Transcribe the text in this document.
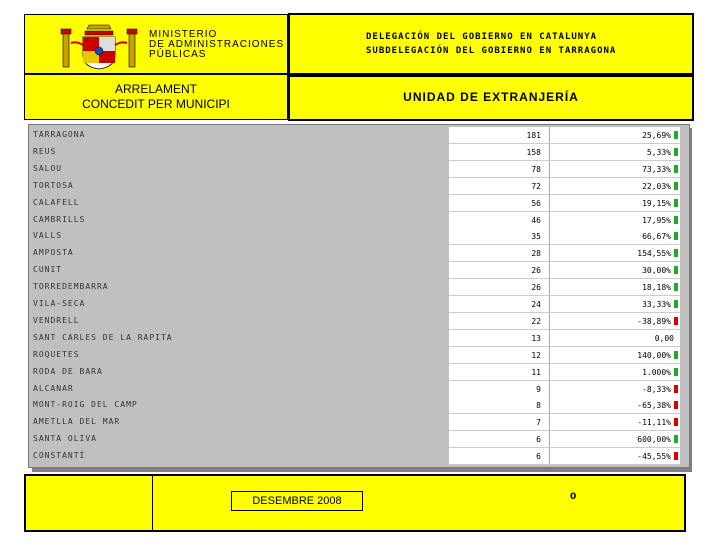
MINISTERIO
DE ADMINISTRACIONES
PÚBLICAS
DELEGACIÓN DEL GOBIERNO EN CATALUNYA
SUBDELEGACIÓN DEL GOBIERNO EN TARRAGONA
ARRELAMENT
CONCEDIT PER MUNICIPI	UNIDAD DE EXTRANJERÍA
TARRAGONA	181	25,69%
REUS	158	5,33%
SALOU	78	73,33%
TORTOSA	72	22,03%
CALAFELL	56	19,15%
CAMBRILLS	46	17,95%
VALLS	35	66,67%
AMPOSTA	28	154,55%
CUNIT	26	30,00%
TORREDEMBARRA	26	18,18%
VILA-SECA	24	33,33%
VENDRELL	22	-38,89%
SANT CARLES DE LA RAPITA	13	0,00
ROQUETES	12	140,00%
RODA DE BARA	11	1.000%
ALCANAR	9	-8,33%
MONT-ROIG DEL CAMP	8	-65,38%
AMETLLA DEL MAR	7	-11,11%
SANTA OLIVA	6	600,00%
CONSTANTÍ	6	-45,55%
DESEMBRE 2008	0
